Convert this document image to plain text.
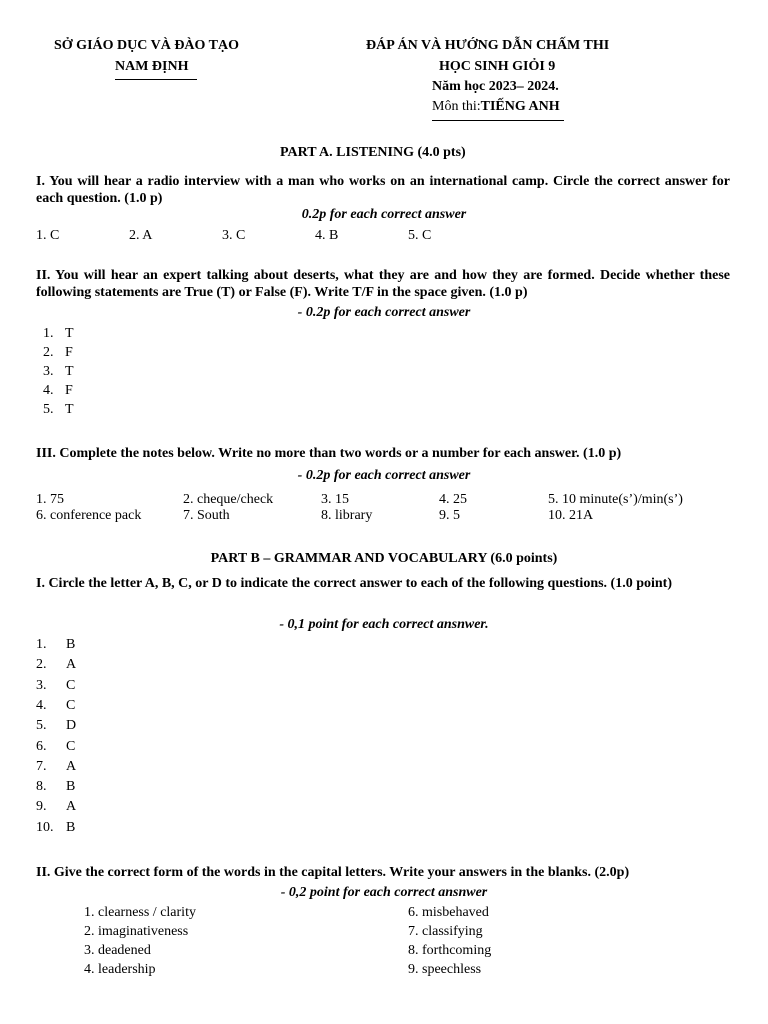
SỞ GIÁO DỤC VÀ ĐÀO TẠO
NAM ĐỊNH
ĐÁP ÁN VÀ HƯỚNG DẪN CHẤM THI
HỌC SINH GIỎI 9
Năm học 2023– 2024.
Môn thi:TIẾNG ANH
PART A. LISTENING (4.0 pts)
I. You will hear a radio interview with a man who works on an international camp. Circle the correct answer for each question. (1.0 p)
0.2p for each correct answer
1. C	2. A	3. C	4. B	5. C
II. You will hear an expert talking about deserts, what they are and how they are formed. Decide whether these following statements are True (T) or False (F). Write T/F in the space given. (1.0 p)
- 0.2p for each correct answer
1. T
2. F
3. T
4. F
5. T
III. Complete the notes below. Write no more than two words or a number for each answer. (1.0 p)
- 0.2p for each correct answer
1. 75	2. cheque/check	3. 15	4. 25	5. 10 minute(s’)/min(s’)
6. conference pack	7. South	8. library	9. 5	10. 21A
PART B – GRAMMAR AND VOCABULARY (6.0 points)
I. Circle the letter A, B, C, or D to indicate the correct answer to each of the following questions. (1.0 point)
- 0,1 point for each correct ansnwer.
1. B
2. A
3. C
4. C
5. D
6. C
7. A
8. B
9. A
10. B
II. Give the correct form of the words in the capital letters. Write your answers in the blanks. (2.0p)
- 0,2 point for each correct ansnwer
1. clearness / clarity
2. imaginativeness
3. deadened
4. leadership
6. misbehaved
7. classifying
8. forthcoming
9. speechless
